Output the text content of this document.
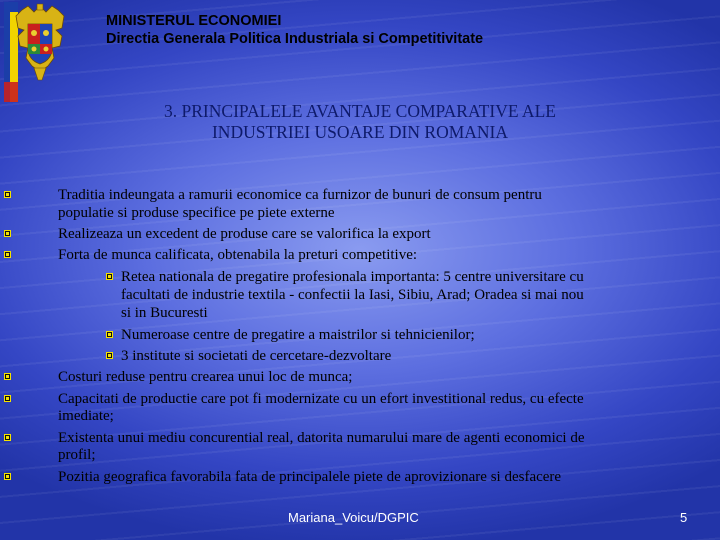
MINISTERUL ECONOMIEI
Directia Generala Politica Industriala si Competitivitate
3. PRINCIPALELE AVANTAJE COMPARATIVE ALE
INDUSTRIEI USOARE DIN ROMANIA
Traditia indeungata a ramurii economice ca furnizor de bunuri de consum pentru
populatie si produse specifice pe piete externe
Realizeaza un excedent de produse care se valorifica la export
Forta de munca calificata, obtenabila la preturi competitive:
Retea nationala de pregatire profesionala importanta: 5 centre universitare cu
facultati de industrie textila - confectii la Iasi, Sibiu, Arad; Oradea si mai nou
si in Bucuresti
Numeroase centre de pregatire a maistrilor si tehnicienilor;
3 institute si societati de cercetare-dezvoltare
Costuri reduse pentru crearea unui loc de munca;
Capacitati de productie care pot fi modernizate cu un efort investitional redus, cu efecte
imediate;
Existenta unui mediu concurential real, datorita numarului mare de agenti economici de
profil;
Pozitia geografica favorabila fata de principalele piete de aprovizionare si desfacere
Mariana_Voicu/DGPIC	5
